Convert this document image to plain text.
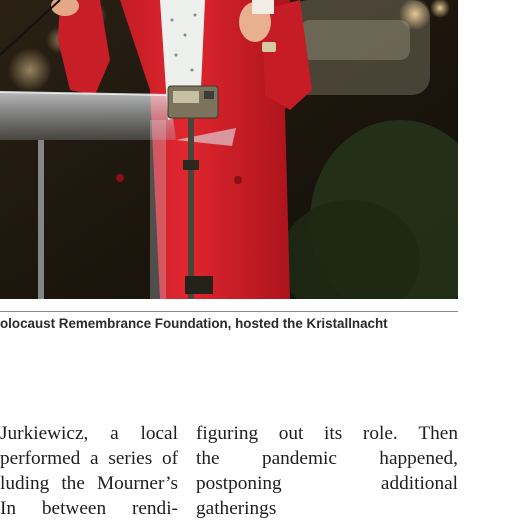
olocaust Remembrance Foundation, hosted the Kristallnacht
Jurkiewicz, a local
performed a series of
luding the Mourner’s
In between rendi-
figuring out its role. Then
the pandemic happened,
postponing	additional
gatherings
